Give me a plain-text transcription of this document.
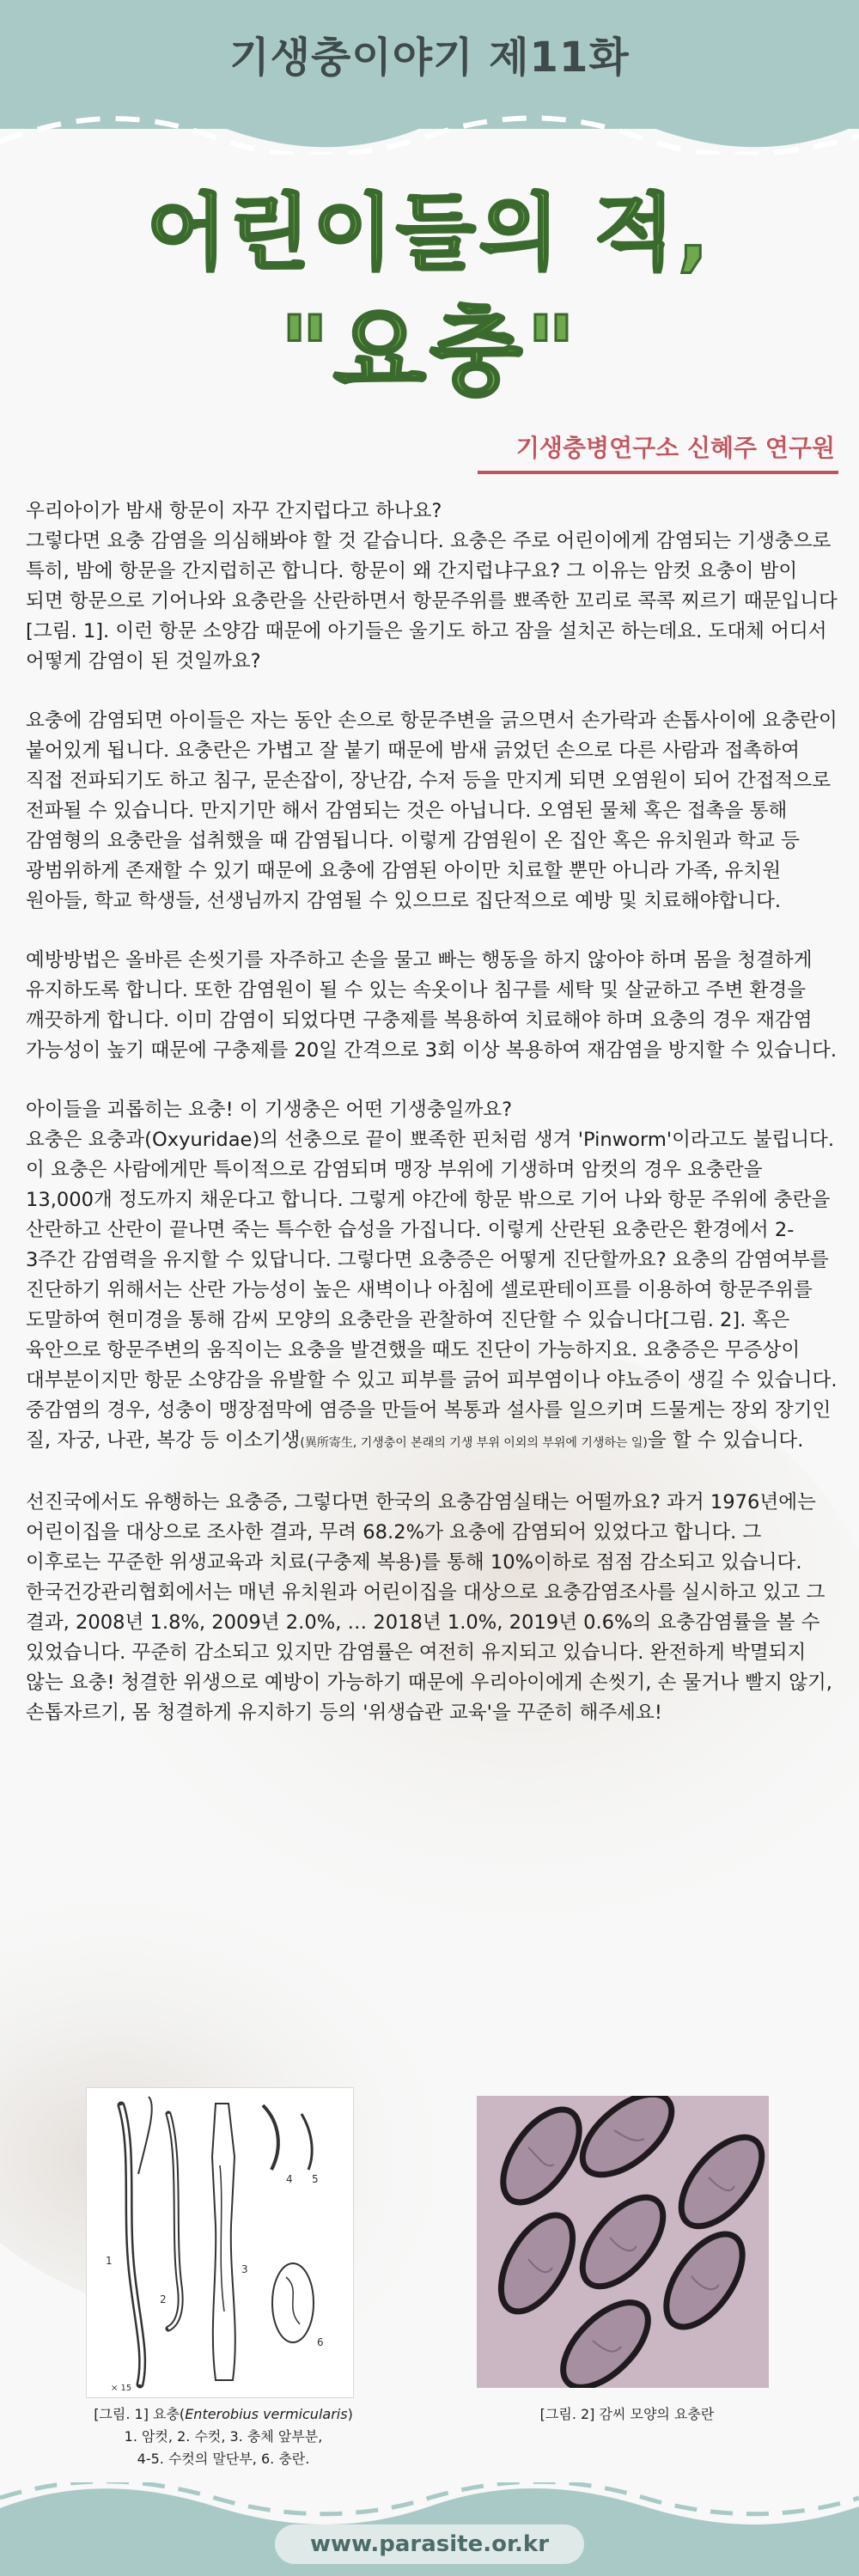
기생충이야기 제11화
어린이들의 적,
"요충"
기생충병연구소 신혜주 연구원

우리아이가 밤새 항문이 자꾸 간지럽다고 하나요?
그렇다면 요충 감염을 의심해봐야 할 것 같습니다. 요충은 주로 어린이에게 감염되는 기생충으로 특히, 밤에 항문을 간지럽히곤 합니다. 항문이 왜 간지럽냐구요? 그 이유는 암컷 요충이 밤이 되면 항문으로 기어나와 요충란을 산란하면서 항문주위를 뾰족한 꼬리로 콕콕 찌르기 때문입니다[그림. 1]. 이런 항문 소양감 때문에 아기들은 울기도 하고 잠을 설치곤 하는데요. 도대체 어디서 어떻게 감염이 된 것일까요?

요충에 감염되면 아이들은 자는 동안 손으로 항문주변을 긁으면서 손가락과 손톱사이에 요충란이 붙어있게 됩니다. 요충란은 가볍고 잘 붙기 때문에 밤새 긁었던 손으로 다른 사람과 접촉하여 직접 전파되기도 하고 침구, 문손잡이, 장난감, 수저 등을 만지게 되면 오염원이 되어 간접적으로 전파될 수 있습니다. 만지기만 해서 감염되는 것은 아닙니다. 오염된 물체 혹은 접촉을 통해 감염형의 요충란을 섭취했을 때 감염됩니다. 이렇게 감염원이 온 집안 혹은 유치원과 학교 등 광범위하게 존재할 수 있기 때문에 요충에 감염된 아이만 치료할 뿐만 아니라 가족, 유치원 원아들, 학교 학생들, 선생님까지 감염될 수 있으므로 집단적으로 예방 및 치료해야합니다.

예방방법은 올바른 손씻기를 자주하고 손을 물고 빠는 행동을 하지 않아야 하며 몸을 청결하게 유지하도록 합니다. 또한 감염원이 될 수 있는 속옷이나 침구를 세탁 및 살균하고 주변 환경을 깨끗하게 합니다. 이미 감염이 되었다면 구충제를 복용하여 치료해야 하며 요충의 경우 재감염 가능성이 높기 때문에 구충제를 20일 간격으로 3회 이상 복용하여 재감염을 방지할 수 있습니다.

아이들을 괴롭히는 요충! 이 기생충은 어떤 기생충일까요?
요충은 요충과(Oxyuridae)의 선충으로 끝이 뾰족한 핀처럼 생겨 'Pinworm'이라고도 불립니다. 이 요충은 사람에게만 특이적으로 감염되며 맹장 부위에 기생하며 암컷의 경우 요충란을 13,000개 정도까지 채운다고 합니다. 그렇게 야간에 항문 밖으로 기어 나와 항문 주위에 충란을 산란하고 산란이 끝나면 죽는 특수한 습성을 가집니다. 이렇게 산란된 요충란은 환경에서 2-3주간 감염력을 유지할 수 있답니다. 그렇다면 요충증은 어떻게 진단할까요? 요충의 감염여부를 진단하기 위해서는 산란 가능성이 높은 새벽이나 아침에 셀로판테이프를 이용하여 항문주위를 도말하여 현미경을 통해 감씨 모양의 요충란을 관찰하여 진단할 수 있습니다[그림. 2]. 혹은 육안으로 항문주변의 움직이는 요충을 발견했을 때도 진단이 가능하지요. 요충증은 무증상이 대부분이지만 항문 소양감을 유발할 수 있고 피부를 긁어 피부염이나 야뇨증이 생길 수 있습니다. 중감염의 경우, 성충이 맹장점막에 염증을 만들어 복통과 설사를 일으키며 드물게는 장외 장기인 질, 자궁, 나관, 복강 등 이소기생(異所寄生, 기생충이 본래의 기생 부위 이외의 부위에 기생하는 일)을 할 수 있습니다.

선진국에서도 유행하는 요충증, 그렇다면 한국의 요충감염실태는 어떨까요? 과거 1976년에는 어린이집을 대상으로 조사한 결과, 무려 68.2%가 요충에 감염되어 있었다고 합니다. 그 이후로는 꾸준한 위생교육과 치료(구충제 복용)를 통해 10%이하로 점점 감소되고 있습니다. 한국건강관리협회에서는 매년 유치원과 어린이집을 대상으로 요충감염조사를 실시하고 있고 그 결과, 2008년 1.8%, 2009년 2.0%, … 2018년 1.0%, 2019년 0.6%의 요충감염률을 볼 수 있었습니다. 꾸준히 감소되고 있지만 감염률은 여전히 유지되고 있습니다. 완전하게 박멸되지 않는 요충! 청결한 위생으로 예방이 가능하기 때문에 우리아이에게 손씻기, 손 물거나 빨지 않기, 손톱자르기, 몸 청결하게 유지하기 등의 '위생습관 교육'을 꾸준히 해주세요!

1
2
3
4 5
6
× 15
[그림. 1] 요충(Enterobius vermicularis)
1. 암컷, 2. 수컷, 3. 충체 앞부분,
4-5. 수컷의 말단부, 6. 충란.
[그림. 2] 감씨 모양의 요충란
www.parasite.or.kr
